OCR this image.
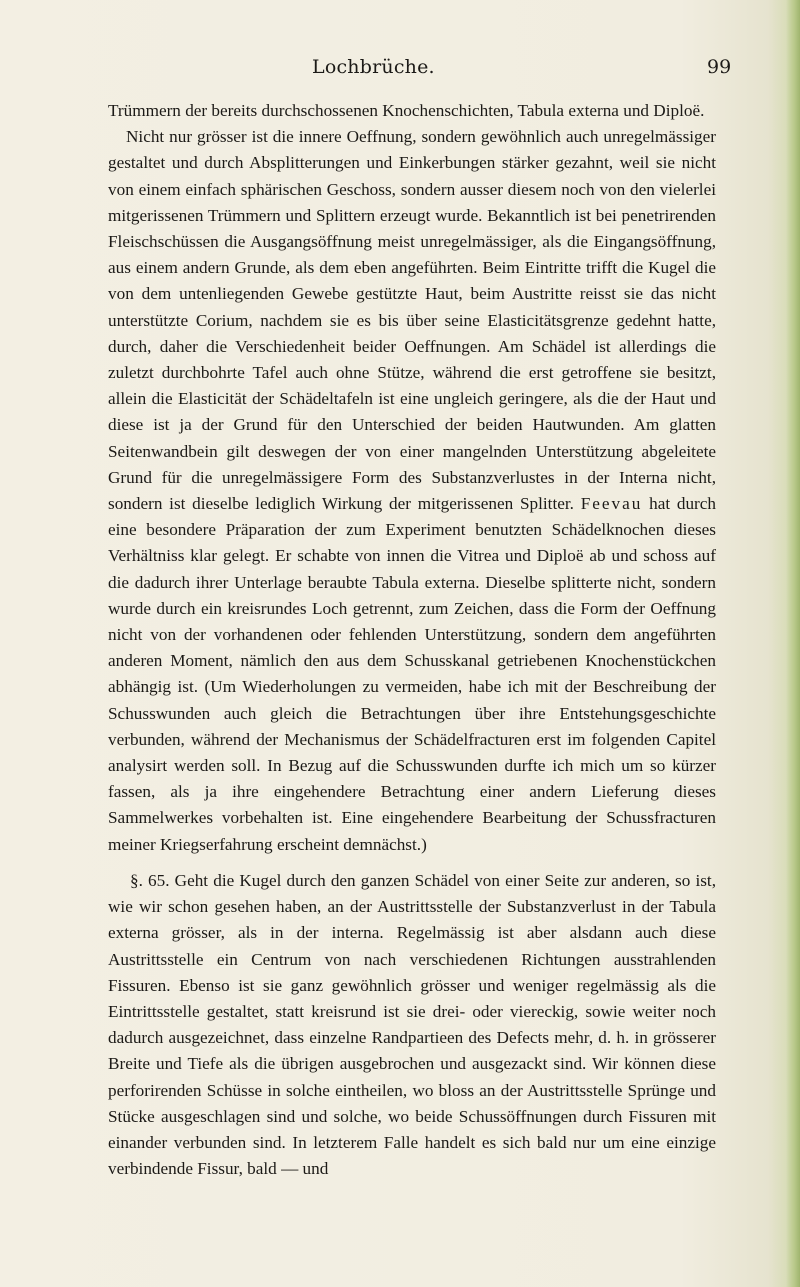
Lochbrüche.	99

Trümmern der bereits durchschossenen Knochenschichten, Tabula externa und Diploë.

Nicht nur grösser ist die innere Oeffnung, sondern gewöhnlich auch unregelmässiger gestaltet und durch Absplitterungen und Einkerbungen stärker gezahnt, weil sie nicht von einem einfach sphärischen Geschoss, sondern ausser diesem noch von den vielerlei mitgerissenen Trümmern und Splittern erzeugt wurde. Bekanntlich ist bei penetrirenden Fleischschüssen die Ausgangsöffnung meist unregelmässiger, als die Eingangsöffnung, aus einem andern Grunde, als dem eben angeführten. Beim Eintritte trifft die Kugel die von dem untenliegenden Gewebe gestützte Haut, beim Austritte reisst sie das nicht unterstützte Corium, nachdem sie es bis über seine Elasticitätsgrenze gedehnt hatte, durch, daher die Verschiedenheit beider Oeffnungen. Am Schädel ist allerdings die zuletzt durchbohrte Tafel auch ohne Stütze, während die erst getroffene sie besitzt, allein die Elasticität der Schädeltafeln ist eine ungleich geringere, als die der Haut und diese ist ja der Grund für den Unterschied der beiden Hautwunden. Am glatten Seitenwandbein gilt deswegen der von einer mangelnden Unterstützung abgeleitete Grund für die unregelmässigere Form des Substanzverlustes in der Interna nicht, sondern ist dieselbe lediglich Wirkung der mitgerissenen Splitter. Feevau hat durch eine besondere Präparation der zum Experiment benutzten Schädelknochen dieses Verhältniss klar gelegt. Er schabte von innen die Vitrea und Diploë ab und schoss auf die dadurch ihrer Unterlage beraubte Tabula externa. Dieselbe splitterte nicht, sondern wurde durch ein kreisrundes Loch getrennt, zum Zeichen, dass die Form der Oeffnung nicht von der vorhandenen oder fehlenden Unterstützung, sondern dem angeführten anderen Moment, nämlich den aus dem Schusskanal getriebenen Knochenstückchen abhängig ist. (Um Wiederholungen zu vermeiden, habe ich mit der Beschreibung der Schusswunden auch gleich die Betrachtungen über ihre Entstehungsgeschichte verbunden, während der Mechanismus der Schädelfracturen erst im folgenden Capitel analysirt werden soll. In Bezug auf die Schusswunden durfte ich mich um so kürzer fassen, als ja ihre eingehendere Betrachtung einer andern Lieferung dieses Sammelwerkes vorbehalten ist. Eine eingehendere Bearbeitung der Schussfracturen meiner Kriegserfahrung erscheint demnächst.)

§. 65. Geht die Kugel durch den ganzen Schädel von einer Seite zur anderen, so ist, wie wir schon gesehen haben, an der Austrittsstelle der Substanzverlust in der Tabula externa grösser, als in der interna. Regelmässig ist aber alsdann auch diese Austrittsstelle ein Centrum von nach verschiedenen Richtungen ausstrahlenden Fissuren. Ebenso ist sie ganz gewöhnlich grösser und weniger regelmässig als die Eintrittsstelle gestaltet, statt kreisrund ist sie drei- oder viereckig, sowie weiter noch dadurch ausgezeichnet, dass einzelne Randpartieen des Defects mehr, d. h. in grösserer Breite und Tiefe als die übrigen ausgebrochen und ausgezackt sind. Wir können diese perforirenden Schüsse in solche eintheilen, wo bloss an der Austrittsstelle Sprünge und Stücke ausgeschlagen sind und solche, wo beide Schussöffnungen durch Fissuren mit einander verbunden sind. In letzterem Falle handelt es sich bald nur um eine einzige verbindende Fissur, bald — und
